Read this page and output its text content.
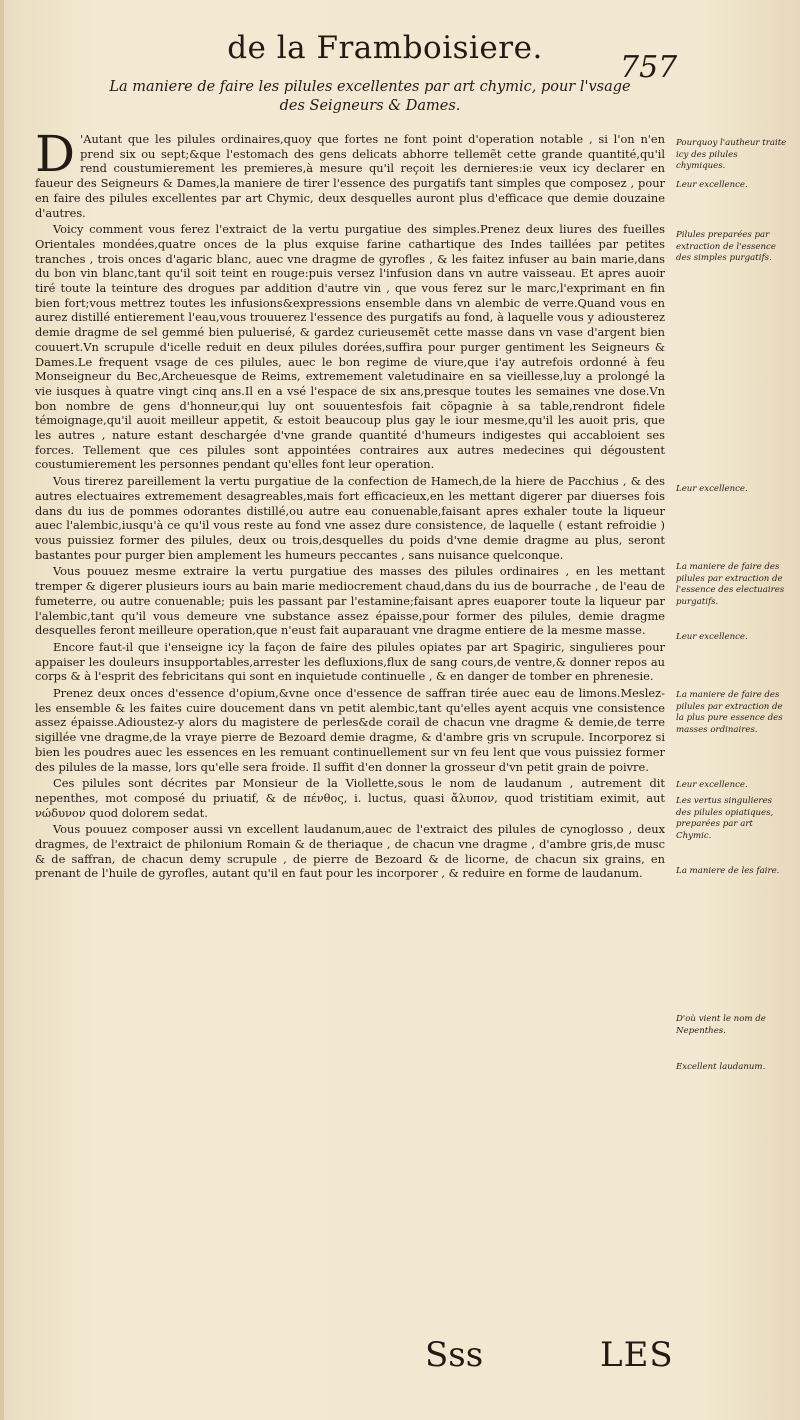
de la Framboisiere.
757
La maniere de faire les pilules excellentes par art chymic, pour l'vsage des Seigneurs & Dames.

D 'Autant que les pilules ordinaires,quoy que fortes ne font point d'operation notable , si l'on n'en prend six ou sept;&que l'estomach des gens delicats abhorre tellemẽt cette grande quantité,qu'il rend coustumierement les premieres,à mesure qu'il reçoit les dernieres:ie veux icy declarer en faueur des Seigneurs & Dames,la maniere de tirer l'essence des purgatifs tant simples que composez , pour en faire des pilules excellentes par art Chymic, deux desquelles auront plus d'efficace que demie douzaine d'autres.

Voicy comment vous ferez l'extraict de la vertu purgatiue des simples.Prenez deux liures des fueilles Orientales mondées,quatre onces de la plus exquise farine cathartique des Indes taillées par petites tranches , trois onces d'agaric blanc, auec vne dragme de gyrofles , & les faitez infuser au bain marie,dans du bon vin blanc,tant qu'il soit teint en rouge:puis versez l'infusion dans vn autre vaisseau. Et apres auoir tiré toute la teinture des drogues par addition d'autre vin , que vous ferez sur le marc,l'exprimant en fin bien fort;vous mettrez toutes les infusions&expressions ensemble dans vn alembic de verre.Quand vous en aurez distillé entierement l'eau,vous trouuerez l'essence des purgatifs au fond, à laquelle vous y adiousterez demie dragme de sel gemmé bien puluerisé, & gardez curieusemẽt cette masse dans vn vase d'argent bien couuert.Vn scrupule d'icelle reduit en deux pilules dorées,suffira pour purger gentiment les Seigneurs & Dames.Le frequent vsage de ces pilules, auec le bon regime de viure,que i'ay autrefois ordonné à feu Monseigneur du Bec,Archeuesque de Reims, extremement valetudinaire en sa vieillesse,luy a prolongé la vie iusques à quatre vingt cinq ans.Il en a vsé l'espace de six ans,presque toutes les semaines vne dose.Vn bon nombre de gens d'honneur,qui luy ont souuentesfois fait cõpagnie à sa table,rendront fidele témoignage,qu'il auoit meilleur appetit, & estoit beaucoup plus gay le iour mesme,qu'il les auoit pris, que les autres , nature estant deschargée d'vne grande quantité d'humeurs indigestes qui accabloient ses forces. Tellement que ces pilules sont appointées contraires aux autres medecines qui dégoustent coustumierement les personnes pendant qu'elles font leur operation.

Vous tirerez pareillement la vertu purgatiue de la confection de Hamech,de la hiere de Pacchius , & des autres electuaires extremement desagreables,mais fort efficacieux,en les mettant digerer par diuerses fois dans du ius de pommes odorantes distillé,ou autre eau conuenable,faisant apres exhaler toute la liqueur auec l'alembic,iusqu'à ce qu'il vous reste au fond vne assez dure consistence, de laquelle ( estant refroidie ) vous puissiez former des pilules, deux ou trois,desquelles du poids d'vne demie dragme au plus, seront bastantes pour purger bien amplement les humeurs peccantes , sans nuisance quelconque.

Vous pouuez mesme extraire la vertu purgatiue des masses des pilules ordinaires , en les mettant tremper & digerer plusieurs iours au bain marie mediocrement chaud,dans du ius de bourrache , de l'eau de fumeterre, ou autre conuenable; puis les passant par l'estamine;faisant apres euaporer toute la liqueur par l'alembic,tant qu'il vous demeure vne substance assez épaisse,pour former des pilules, demie dragme desquelles feront meilleure operation,que n'eust fait auparauant vne dragme entiere de la mesme masse.

Encore faut-il que i'enseigne icy la façon de faire des pilules opiates par art Spagiric, singulieres pour appaiser les douleurs insupportables,arrester les defluxions,flux de sang cours,de ventre,& donner repos au corps & à l'esprit des febricitans qui sont en inquietude continuelle , & en danger de tomber en phrenesie.

Prenez deux onces d'essence d'opium,&vne once d'essence de saffran tirée auec eau de limons.Meslez-les ensemble & les faites cuire doucement dans vn petit alembic,tant qu'elles ayent acquis vne consistence assez épaisse.Adioustez-y alors du magistere de perles&de corail de chacun vne dragme & demie,de terre sigillée vne dragme,de la vraye pierre de Bezoard demie dragme, & d'ambre gris vn scrupule. Incorporez si bien les poudres auec les essences en les remuant continuellement sur vn feu lent que vous puissiez former des pilules de la masse, lors qu'elle sera froide. Il suffit d'en donner la grosseur d'vn petit grain de poivre.

Ces pilules sont décrites par Monsieur de la Viollette,sous le nom de laudanum , autrement dit nepenthes, mot composé du priuatif, & de πένθος, i. luctus, quasi ἄλυπον, quod tristitiam eximit, aut νώδυνον quod dolorem sedat.

Vous pouuez composer aussi vn excellent laudanum,auec de l'extraict des pilules de cynoglosso , deux dragmes, de l'extraict de philonium Romain & de theriaque , de chacun vne dragme , d'ambre gris,de musc & de saffran, de chacun demy scrupule , de pierre de Bezoard & de licorne, de chacun six grains, en prenant de l'huile de gyrofles, autant qu'il en faut pour les incorporer , & reduire en forme de laudanum.

Pourquoy l'autheur traite icy des pilules chymiques.
Leur excellence.
Pilules preparées par extraction de l'essence des simples purgatifs.
Leur excellence.
La maniere de faire des pilules par extraction de l'essence des electuaires purgatifs.
Leur excellence.
La maniere de faire des pilules par extraction de la plus pure essence des masses ordinaires.
Leur excellence.
Les vertus singulieres des pilules opiatiques, preparées par art Chymic.
La maniere de les faire.
D'où vient le nom de Nepenthes.
Excellent laudanum.
Sss	LES
